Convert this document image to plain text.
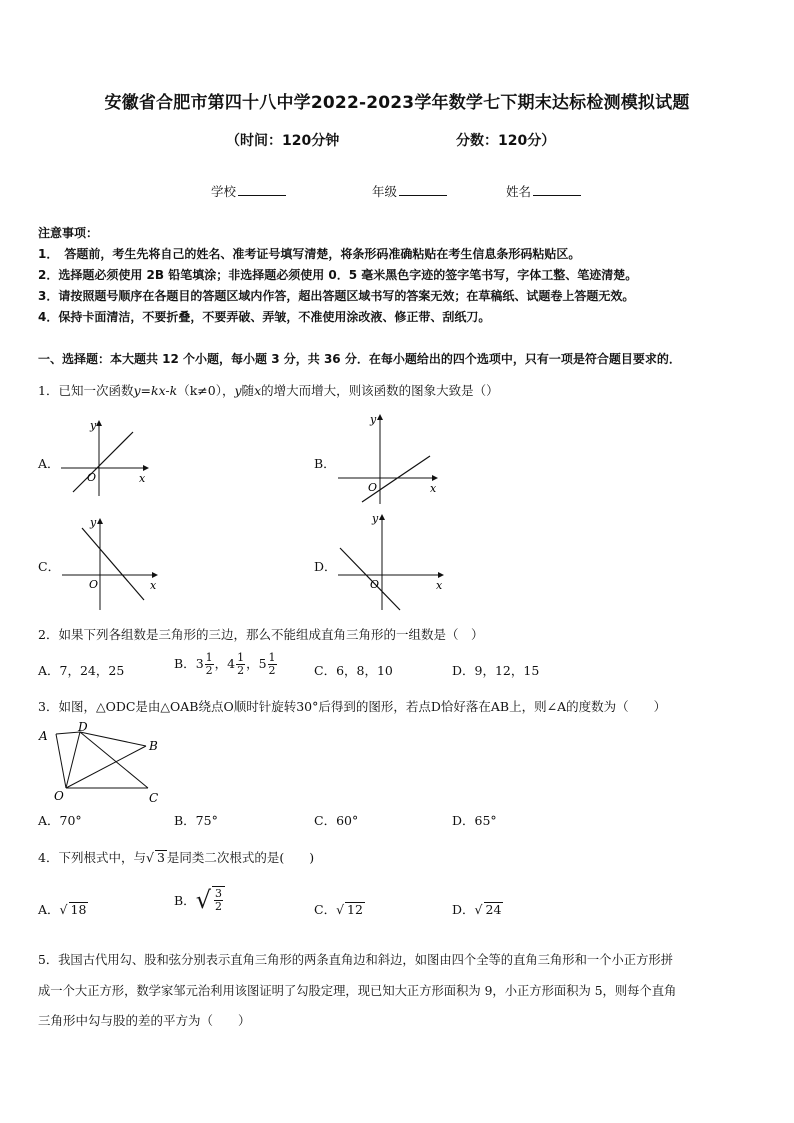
安徽省合肥市第四十八中学2022-2023学年数学七下期末达标检测模拟试题
（时间：120分钟	分数：120分）
学校	年级	姓名
注意事项：
1．　答题前，考生先将自己的姓名、准考证号填写清楚，将条形码准确粘贴在考生信息条形码粘贴区。
2．选择题必须使用 2B 铅笔填涂；非选择题必须使用 0．5 毫米黑色字迹的签字笔书写，字体工整、笔迹清楚。
3．请按照题号顺序在各题目的答题区域内作答，超出答题区域书写的答案无效；在草稿纸、试题卷上答题无效。
4．保持卡面清洁，不要折叠，不要弄破、弄皱，不准使用涂改液、修正带、刮纸刀。
一、选择题：本大题共 12 个小题，每小题 3 分，共 36 分．在每小题给出的四个选项中，只有一项是符合题目要求的．
1．已知一次函数y=kx-k（k≠0），y随x的增大而增大，则该函数的图象大致是（）
A．
y
x
O
B．
y
x
O
C．
y
x
O
D．
y
x
O
2．如果下列各组数是三角形的三边，那么不能组成直角三角形的一组数是（　）
A．7，24，25	B．$3 \frac{1}{2}$ ，$4 \frac{1}{2}$ ，$5 \frac{1}{2}$	C．6，8，10	D．9，12，15
3．如图，△ODC是由△OAB绕点O顺时针旋转30°后得到的图形，若点D恰好落在AB上，则∠A的度数为（　　）
A
D
B
O	C
A．70°	B．75°	C．60°	D．65°
4．下列根式中，与√ 3 是同类二次根式的是(　　)
A．√ 18
B．√ $\frac{3}{2}$	C．√ 12	D．√ 24
5．我国古代用勾、股和弦分别表示直角三角形的两条直角边和斜边，如图由四个全等的直角三角形和一个小正方形拼
成一个大正方形，数学家邹元治利用该图证明了勾股定理，现已知大正方形面积为 9，小正方形面积为 5，则每个直角
三角形中勾与股的差的平方为（　　）
